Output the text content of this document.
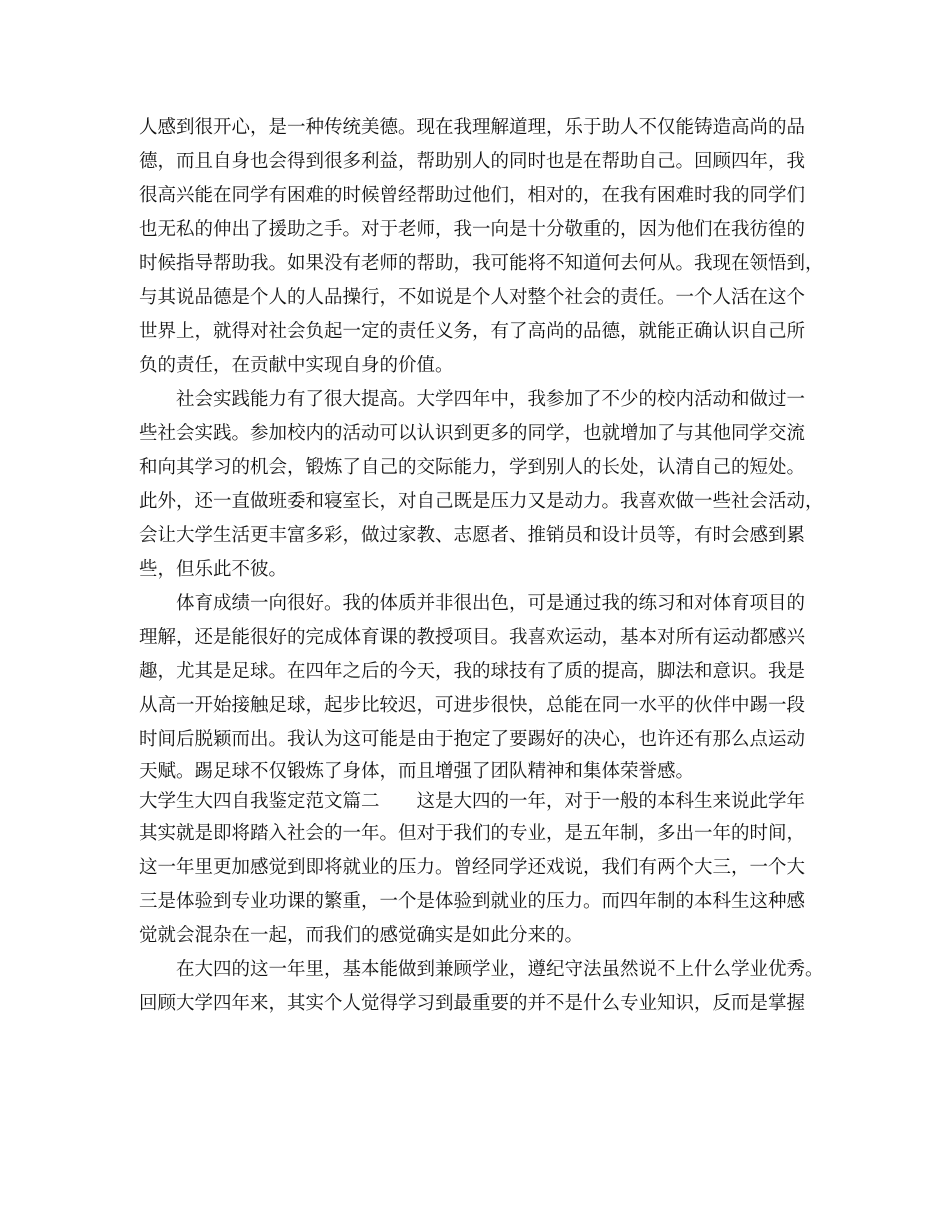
人感到很开心，是一种传统美德。现在我理解道理，乐于助人不仅能铸造高尚的品
德，而且自身也会得到很多利益，帮助别人的同时也是在帮助自己。回顾四年，我
很高兴能在同学有困难的时候曾经帮助过他们，相对的，在我有困难时我的同学们
也无私的伸出了援助之手。对于老师，我一向是十分敬重的，因为他们在我彷徨的
时候指导帮助我。如果没有老师的帮助，我可能将不知道何去何从。我现在领悟到，
与其说品德是个人的人品操行，不如说是个人对整个社会的责任。一个人活在这个
世界上，就得对社会负起一定的责任义务，有了高尚的品德，就能正确认识自己所
负的责任，在贡献中实现自身的价值。
社会实践能力有了很大提高。大学四年中，我参加了不少的校内活动和做过一
些社会实践。参加校内的活动可以认识到更多的同学，也就增加了与其他同学交流
和向其学习的机会，锻炼了自己的交际能力，学到别人的长处，认清自己的短处。
此外，还一直做班委和寝室长，对自己既是压力又是动力。我喜欢做一些社会活动，
会让大学生活更丰富多彩，做过家教、志愿者、推销员和设计员等，有时会感到累
些，但乐此不彼。
体育成绩一向很好。我的体质并非很出色，可是通过我的练习和对体育项目的
理解，还是能很好的完成体育课的教授项目。我喜欢运动，基本对所有运动都感兴
趣，尤其是足球。在四年之后的今天，我的球技有了质的提高，脚法和意识。我是
从高一开始接触足球，起步比较迟，可进步很快，总能在同一水平的伙伴中踢一段
时间后脱颖而出。我认为这可能是由于抱定了要踢好的决心，也许还有那么点运动
天赋。踢足球不仅锻炼了身体，而且增强了团队精神和集体荣誉感。
大学生大四自我鉴定范文篇二　　这是大四的一年，对于一般的本科生来说此学年
其实就是即将踏入社会的一年。但对于我们的专业，是五年制，多出一年的时间，
这一年里更加感觉到即将就业的压力。曾经同学还戏说，我们有两个大三，一个大
三是体验到专业功课的繁重，一个是体验到就业的压力。而四年制的本科生这种感
觉就会混杂在一起，而我们的感觉确实是如此分来的。
在大四的这一年里，基本能做到兼顾学业，遵纪守法虽然说不上什么学业优秀。
回顾大学四年来，其实个人觉得学习到最重要的并不是什么专业知识，反而是掌握
